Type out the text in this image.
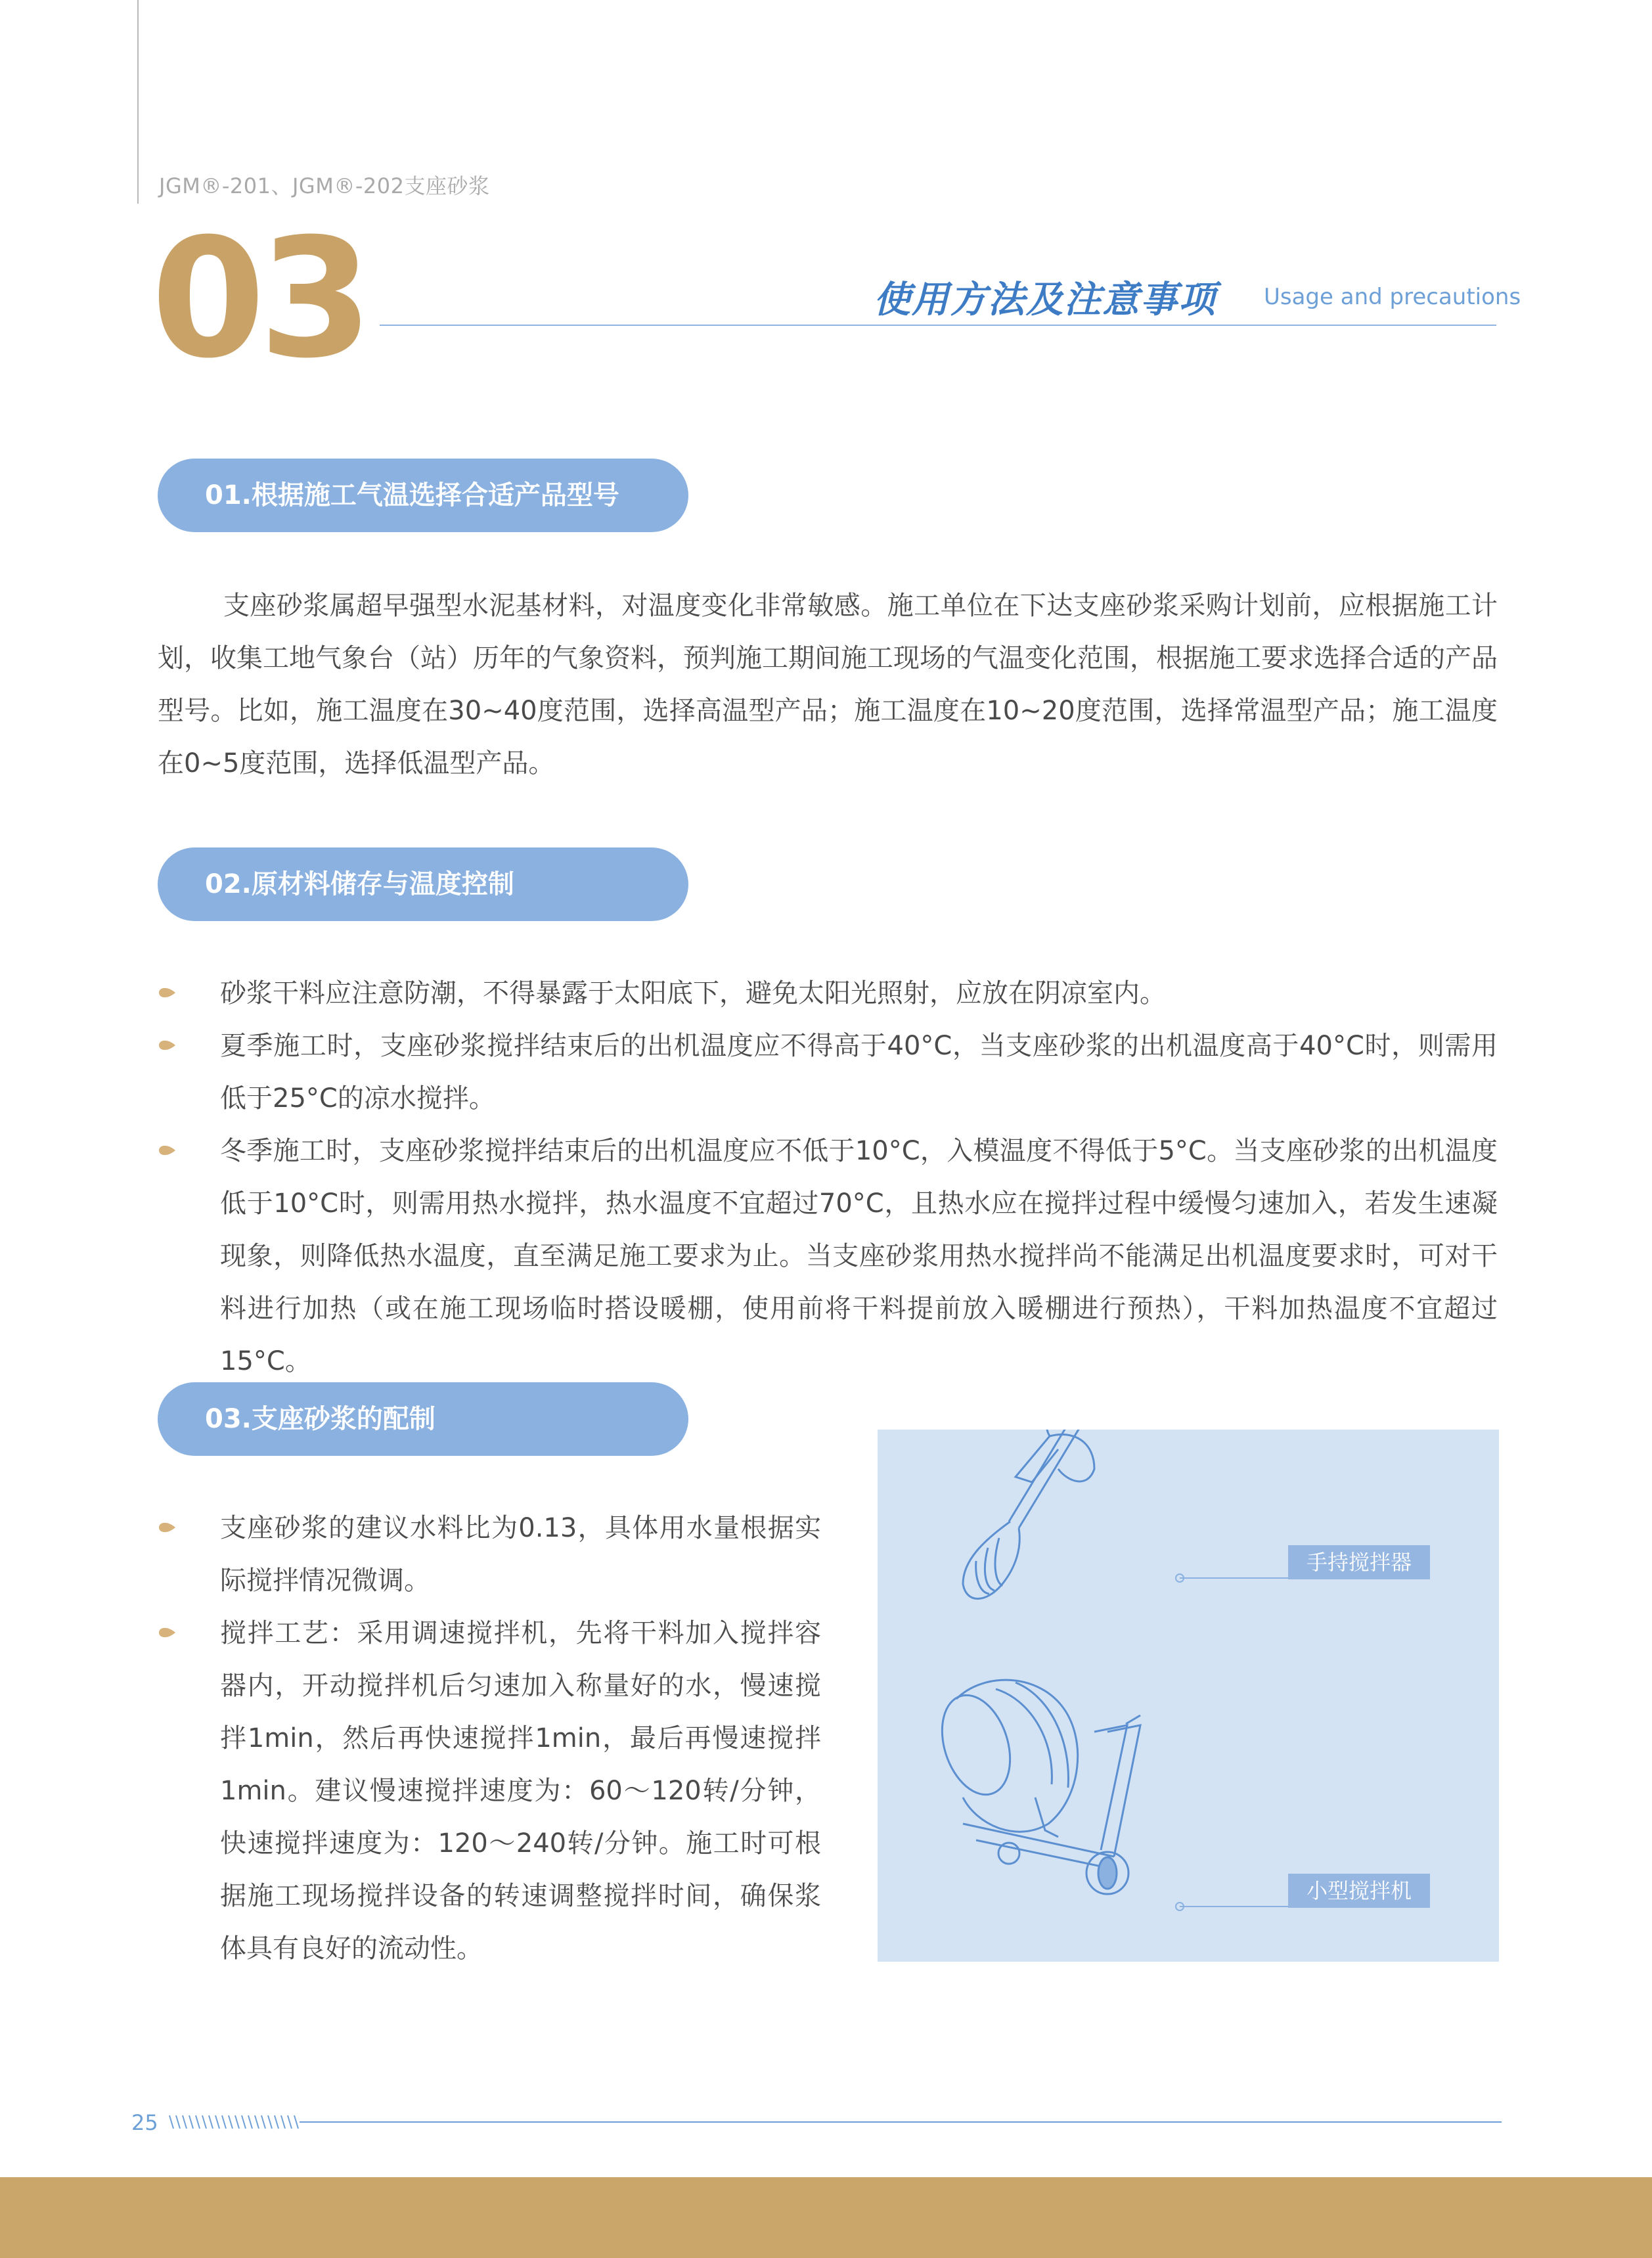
JGM®-201、JGM®-202支座砂浆
03	使用方法及注意事项 Usage and precautions
01.根据施工气温选择合适产品型号
支座砂浆属超早强型水泥基材料，对温度变化非常敏感。施工单位在下达支座砂浆采购计划前，应根据施工计划，收集工地气象台（站）历年的气象资料，预判施工期间施工现场的气温变化范围，根据施工要求选择合适的产品型号。比如，施工温度在30~40度范围，选择高温型产品；施工温度在10~20度范围，选择常温型产品；施工温度在0~5度范围，选择低温型产品。
02.原材料储存与温度控制
砂浆干料应注意防潮，不得暴露于太阳底下，避免太阳光照射，应放在阴凉室内。
夏季施工时，支座砂浆搅拌结束后的出机温度应不得高于40°C，当支座砂浆的出机温度高于40°C时，则需用低于25°C的凉水搅拌。
冬季施工时，支座砂浆搅拌结束后的出机温度应不低于10°C，入模温度不得低于5°C。当支座砂浆的出机温度低于10°C时，则需用热水搅拌，热水温度不宜超过70°C，且热水应在搅拌过程中缓慢匀速加入，若发生速凝现象，则降低热水温度，直至满足施工要求为止。当支座砂浆用热水搅拌尚不能满足出机温度要求时，可对干料进行加热（或在施工现场临时搭设暖棚，使用前将干料提前放入暖棚进行预热），干料加热温度不宜超过15°C。
03.支座砂浆的配制
支座砂浆的建议水料比为0.13，具体用水量根据实际搅拌情况微调。
搅拌工艺：采用调速搅拌机，先将干料加入搅拌容器内，开动搅拌机后匀速加入称量好的水，慢速搅拌1min，然后再快速搅拌1min，最后再慢速搅拌1min。建议慢速搅拌速度为：60～120转/分钟，快速搅拌速度为：120～240转/分钟。施工时可根据施工现场搅拌设备的转速调整搅拌时间，确保浆体具有良好的流动性。
手持搅拌器
小型搅拌机
25
